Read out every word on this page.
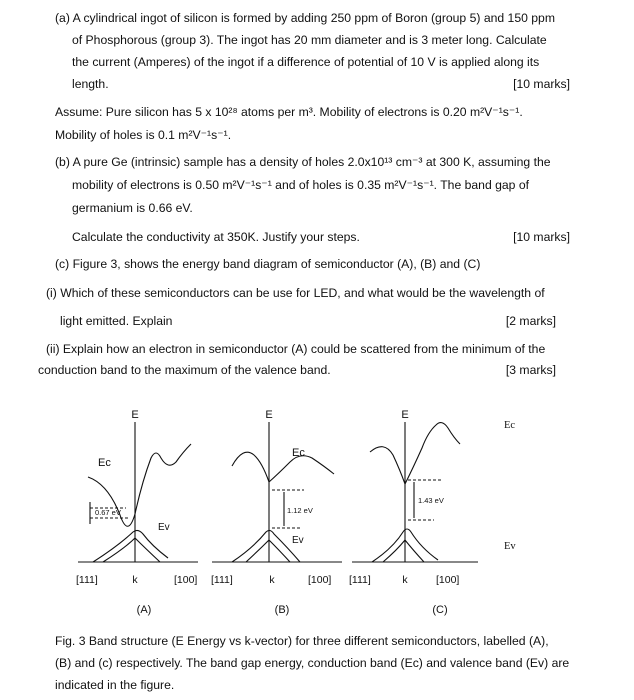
(a) A cylindrical ingot of silicon is formed by adding 250 ppm of Boron (group 5) and 150 ppm
of Phosphorous (group 3). The ingot has 20 mm diameter and is 3 meter long. Calculate
the current (Amperes) of the ingot if a difference of potential of 10 V is applied along its
length.	[10 marks]
Assume: Pure silicon has 5 x 10²⁸ atoms per m³. Mobility of electrons is 0.20 m²V⁻¹s⁻¹.
Mobility of holes is 0.1 m²V⁻¹s⁻¹.
(b) A pure Ge (intrinsic) sample has a density of holes 2.0x10¹³ cm⁻³ at 300 K, assuming the
mobility of electrons is 0.50 m²V⁻¹s⁻¹ and of holes is 0.35 m²V⁻¹s⁻¹. The band gap of
germanium is 0.66 eV.
Calculate the conductivity at 350K. Justify your steps.	[10 marks]
(c) Figure 3, shows the energy band diagram of semiconductor (A), (B) and (C)
(i) Which of these semiconductors can be use for LED, and what would be the wavelength of
light emitted. Explain	[2 marks]
(ii) Explain how an electron in semiconductor (A) could be scattered from the minimum of the
conduction band to the maximum of the valence band.	[3 marks]
E
Ec
Ev
0.67 eV
[111]	k	[100]
(A)
E
Ec
Ev
1.12 eV
[111]	k	[100]
(B)
E
1.43 eV
[111]	k	[100]
(C)
Ec
Ev
Fig. 3 Band structure (E Energy vs k-vector) for three different semiconductors, labelled (A),
(B) and (c) respectively. The band gap energy, conduction band (Ec) and valence band (Ev) are
indicated in the figure.
